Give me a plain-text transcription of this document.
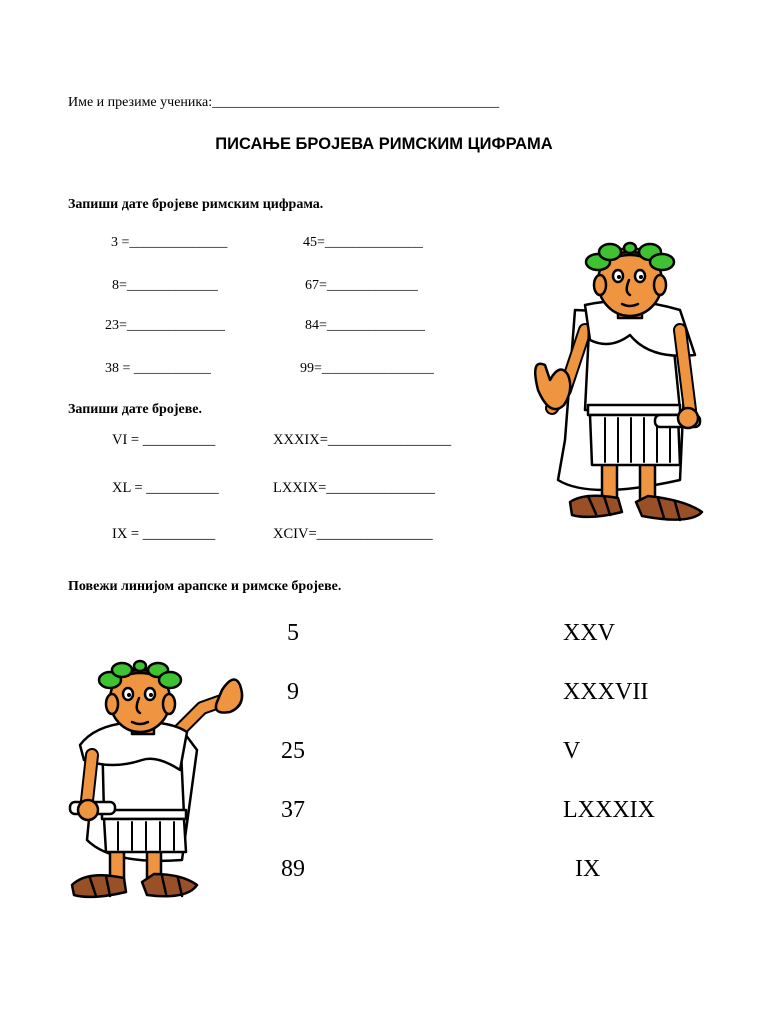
Име и презиме ученика:_________________________________________
ПИСАЊЕ БРОЈЕВА РИМСКИМ ЦИФРАМА
Запиши дате бројеве римским цифрама.
3 =______________	45=______________
8=_____________	67=_____________
23=______________	84=______________
38 = ___________	99=________________
Запиши дате бројеве.
VI = __________	XXXIX=_________________
XL = __________	LXXIX=_______________
IX = __________	XCIV=________________
Повежи линијом арапске и римске бројеве.
5
9
25
37
89
XXV
XXXVII
V
LXXXIX
IX
